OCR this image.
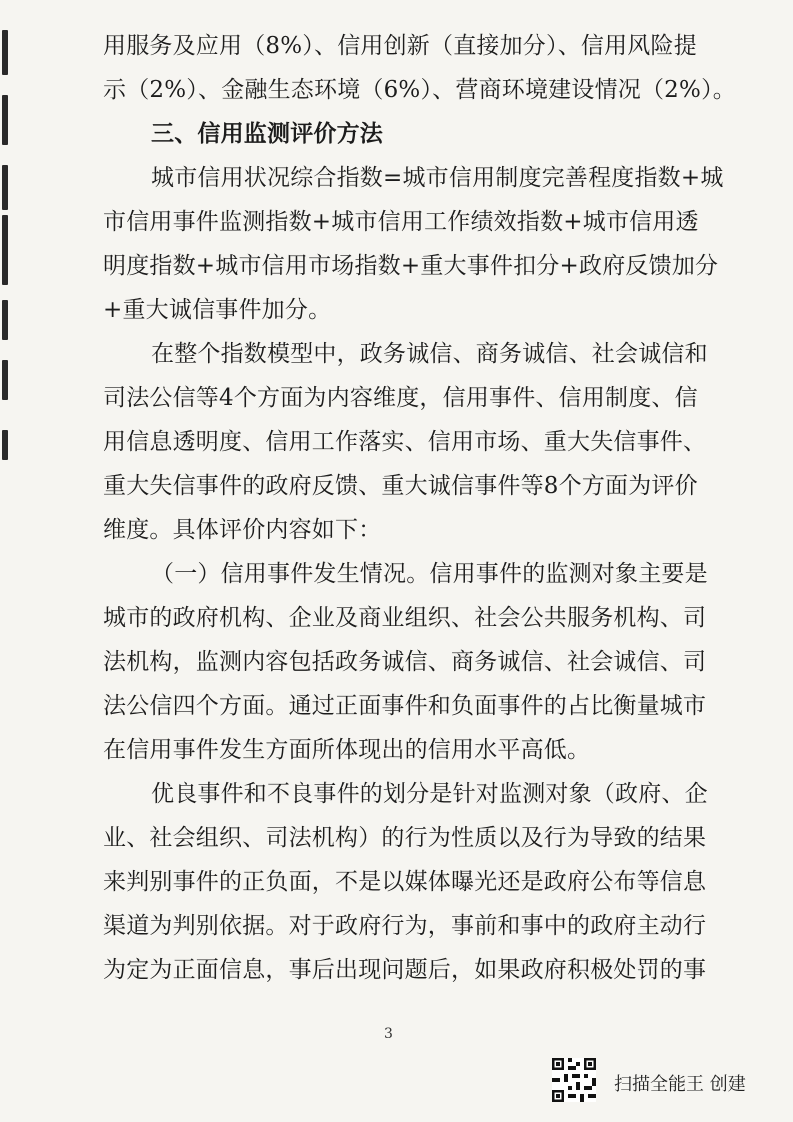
用服务及应用（8%）、信用创新（直接加分）、信用风险提
示（2%）、金融生态环境（6%）、营商环境建设情况（2%）。
三、信用监测评价方法
城市信用状况综合指数=城市信用制度完善程度指数+城
市信用事件监测指数+城市信用工作绩效指数+城市信用透
明度指数+城市信用市场指数+重大事件扣分+政府反馈加分
+重大诚信事件加分。
在整个指数模型中，政务诚信、商务诚信、社会诚信和
司法公信等4个方面为内容维度，信用事件、信用制度、信
用信息透明度、信用工作落实、信用市场、重大失信事件、
重大失信事件的政府反馈、重大诚信事件等8个方面为评价
维度。具体评价内容如下：
（一）信用事件发生情况。信用事件的监测对象主要是
城市的政府机构、企业及商业组织、社会公共服务机构、司
法机构，监测内容包括政务诚信、商务诚信、社会诚信、司
法公信四个方面。通过正面事件和负面事件的占比衡量城市
在信用事件发生方面所体现出的信用水平高低。
优良事件和不良事件的划分是针对监测对象（政府、企
业、社会组织、司法机构）的行为性质以及行为导致的结果
来判别事件的正负面，不是以媒体曝光还是政府公布等信息
渠道为判别依据。对于政府行为，事前和事中的政府主动行
为定为正面信息，事后出现问题后，如果政府积极处罚的事
3
扫描全能王 创建
